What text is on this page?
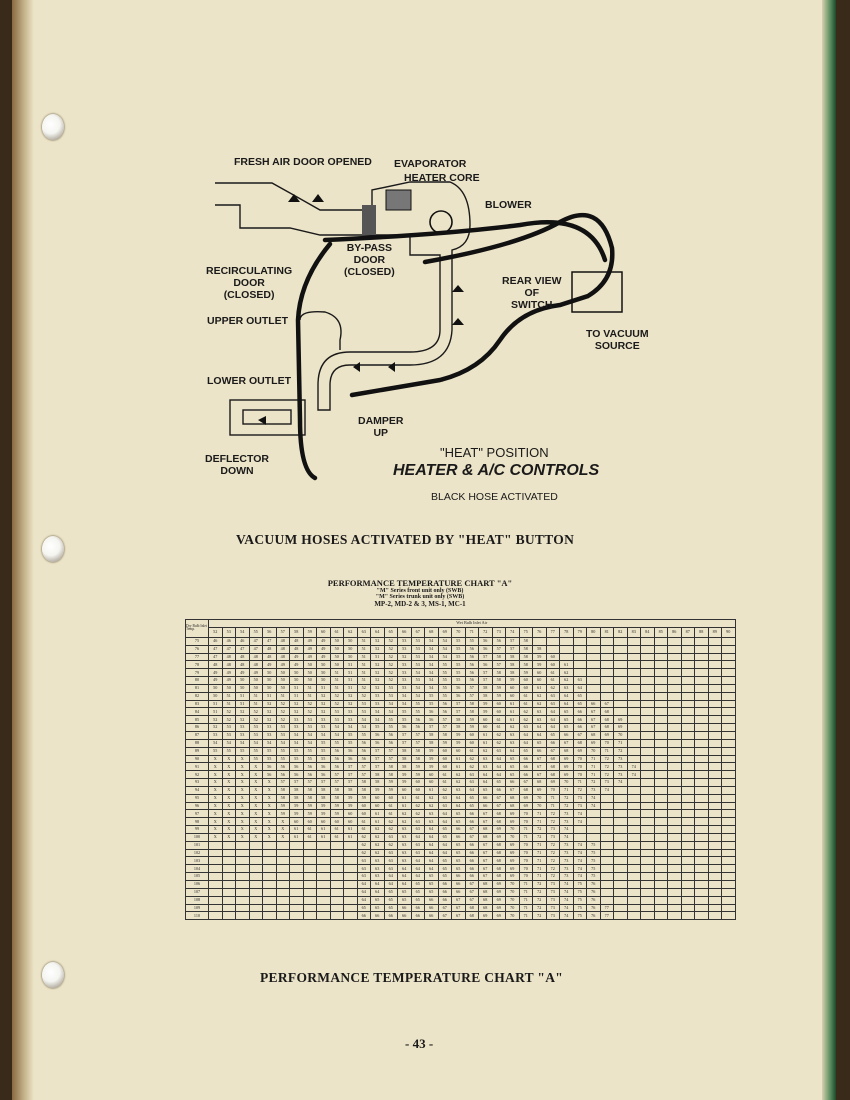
FRESH AIR DOOR OPENED EVAPORATOR
HEATER CORE
BLOWER
BY-PASS
DOOR
(CLOSED)
RECIRCULATING
DOOR
(CLOSED)
REAR VIEW
OF
SWITCH
UPPER OUTLET
TO VACUUM
SOURCE
LOWER OUTLET
DAMPER
UP
DEFLECTOR
DOWN
"HEAT" POSITION
HEATER & A/C CONTROLS
BLACK HOSE ACTIVATED
VACUUM HOSES ACTIVATED BY "HEAT" BUTTON
PERFORMANCE TEMPERATURE CHART "A"
"M" Series front unit only (SWB)
"M" Series trunk unit only (SWB)
MP-2, MD-2 & 3, MS-1, MC-1
Dry Bulb Inlet Temp.	Wet Bulb Inlet Air																																						
	52	53	54	55	56	57	58	59	60	61	62	63	64	65	66	67	68	69	70	71	72	73	74	75	76	77	78	79	80	81	82	83	84	85	86	87	88	89	90
75	46	46	46	47	47	48	48	49	49	50	50	51	52	52	53	53	54	54	55	55	56	56	57	58															
76	47	47	47	47	48	48	48	49	49	50	50	51	52	52	53	53	54	54	55	56	56	57	57	58	58														
77	47	48	48	48	48	48	49	49	49	50	50	51	51	52	52	53	54	54	55	56	57	58	58	58	59	60													
78	48	48	48	48	49	49	49	50	50	50	51	51	52	52	53	53	54	55	55	56	56	57	58	58	59	60	61												
79	49	49	49	49	50	50	50	50	50	51	51	51	52	52	53	54	54	55	55	56	57	58	58	59	60	61	62												
80	49	49	50	50	50	50	50	50	50	51	51	51	52	52	53	53	54	55	55	56	57	58	59	60	60	61	62	63											
81	50	50	50	50	50	50	51	51	51	51	51	52	52	53	53	54	54	55	56	57	58	59	60	60	61	62	63	64											
82	50	51	51	51	51	51	51	51	52	52	52	52	53	53	54	54	55	55	56	57	58	59	60	61	62	63	64	65											
83	51	51	51	51	52	52	52	52	52	52	52	53	53	54	54	55	55	56	57	58	59	60	61	61	62	63	64	65	66	67									
84	51	52	52	52	52	52	52	52	52	53	53	53	54	54	55	55	56	56	57	58	59	60	61	62	63	64	65	66	67	68									
85	52	52	52	52	52	52	53	53	53	53	53	54	54	55	55	56	56	57	58	59	60	61	61	62	63	64	65	66	67	68	69								
86	52	53	53	53	53	53	53	53	53	54	54	54	55	55	56	56	57	57	58	59	60	61	62	63	64	64	65	66	67	68	69								
87	53	53	53	53	53	53	54	54	54	54	55	55	56	56	57	57	58	58	59	60	61	62	63	64	64	65	66	67	68	69	70								
88	54	54	54	54	54	54	54	54	55	55	55	56	56	56	57	57	58	59	59	60	61	62	63	64	65	66	67	68	69	70	71								
89	55	55	55	55	55	55	55	55	55	56	56	56	57	57	58	58	59	60	60	61	62	63	64	65	66	67	68	69	70	71	72								
90	X	X	X	55	55	55	55	55	55	56	56	56	57	57	58	58	59	60	61	62	63	64	65	66	67	68	69	70	71	72	73								
91	X	X	X	X	56	56	56	56	56	56	57	57	57	58	58	59	59	60	61	62	63	64	65	66	67	68	69	70	71	72	73	74							
92	X	X	X	X	56	56	56	56	56	57	57	57	58	58	59	59	60	61	62	63	64	64	65	66	67	68	69	70	71	72	73	74							
93	X	X	X	X	X	57	57	57	57	57	57	58	58	59	59	60	60	61	62	63	64	65	66	67	68	69	70	71	72	73	74								
94	X	X	X	X	X	58	58	58	58	58	58	58	59	59	60	60	61	62	63	64	65	66	67	68	69	70	71	72	73	74									
95	X	X	X	X	X	58	58	58	58	58	59	59	60	60	61	61	62	63	64	65	66	67	68	69	70	71	72	73	74										
96	X	X	X	X	X	59	59	59	59	59	59	60	60	61	61	62	62	63	64	65	66	67	68	69	70	71	72	73	74										
97	X	X	X	X	X	59	59	59	59	59	60	60	61	61	62	62	63	64	65	66	67	68	69	70	71	72	73	74											
98	X	X	X	X	X	X	60	60	60	60	60	61	61	62	62	63	63	64	65	66	67	68	69	70	71	72	73	74											
99	X	X	X	X	X	X	61	61	61	61	61	61	62	62	63	63	64	65	66	67	68	69	70	71	72	73	74												
100	X	X	X	X	X	X	61	61	61	61	61	62	62	63	63	64	64	65	66	67	68	69	70	71	72	73	74												
101												62	62	62	63	63	64	64	65	66	67	68	69	70	71	72	73	74	75										
102												62	62	63	63	63	64	64	65	66	67	68	69	70	71	72	73	74	75										
103												63	63	63	63	64	64	65	65	66	67	68	69	70	71	72	73	74	75										
104												63	63	63	64	64	64	65	65	66	67	68	69	70	71	72	73	74	75										
105												63	63	64	64	64	65	65	66	66	67	68	69	70	71	72	73	74	75										
106												64	64	64	64	65	65	66	66	67	68	69	70	71	72	73	74	75	76										
107												64	64	65	65	65	65	66	66	67	68	69	70	71	72	73	74	75	76										
108												64	65	65	65	65	66	66	67	67	68	69	70	71	72	73	74	75	76										
109												65	65	65	66	66	66	67	67	68	68	69	70	71	72	73	74	75	76	77									
110												66	66	66	66	66	66	67	67	68	69	69	70	71	72	73	74	75	76	77									
PERFORMANCE TEMPERATURE CHART "A"
- 43 -
